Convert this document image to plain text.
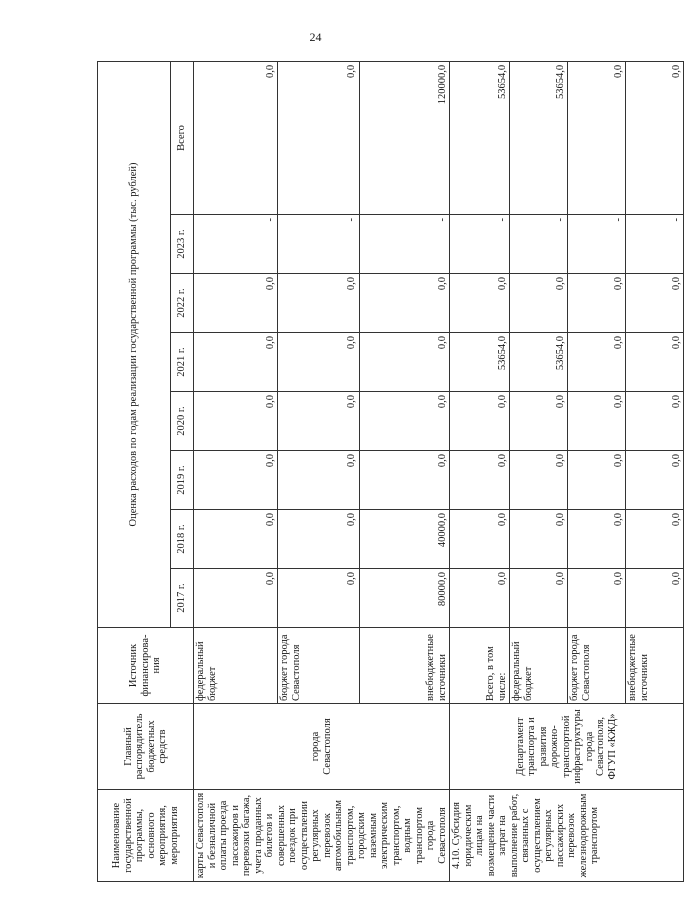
24
Наименование государственной программы, основного мероприятия, мероприятия	Главный распорядитель бюджетных средств	Источник финансирова-ния	Оценка расходов по годам реализации государственной программы (тыс. рублей)							
			2017 г.	2018 г.	2019 г.	2020 г.	2021 г.	2022 г.	2023 г.	Всего
карты Севастополя и безналичной оплаты проезда пассажиров и перевозки багажа, учета проданных билетов и совершенных поездок при осуществлении регулярных перевозок автомобильным транспортом, городским наземным электрическим транспортом, водным транспортом города Севастополя	города Севастополя	федеральный бюджет	0,0	0,0	0,0	0,0	0,0	0,0	-	0,0
		бюджет города Севастополя	0,0	0,0	0,0	0,0	0,0	0,0	-	0,0
		внебюджетные источники	80000,0	40000,0	0,0	0,0	0,0	0,0	-	120000,0
4.10. Субсидия юридическим лицам на возмещение части затрат на выполнение работ, связанных с осуществлением регулярных пассажирских перевозок железнодорожным транспортом	Департамент транспорта и развития дорожно-транспортной инфраструктуры города Севастополя, ФГУП «КЖД»	Всего, в том числе:	0,0	0,0	0,0	0,0	53654,0	0,0	-	53654,0
		федеральный бюджет	0,0	0,0	0,0	0,0	53654,0	0,0	-	53654,0
		бюджет города Севастополя	0,0	0,0	0,0	0,0	0,0	0,0	-	0,0
		внебюджетные источники	0,0	0,0	0,0	0,0	0,0	0,0	-	0,0
